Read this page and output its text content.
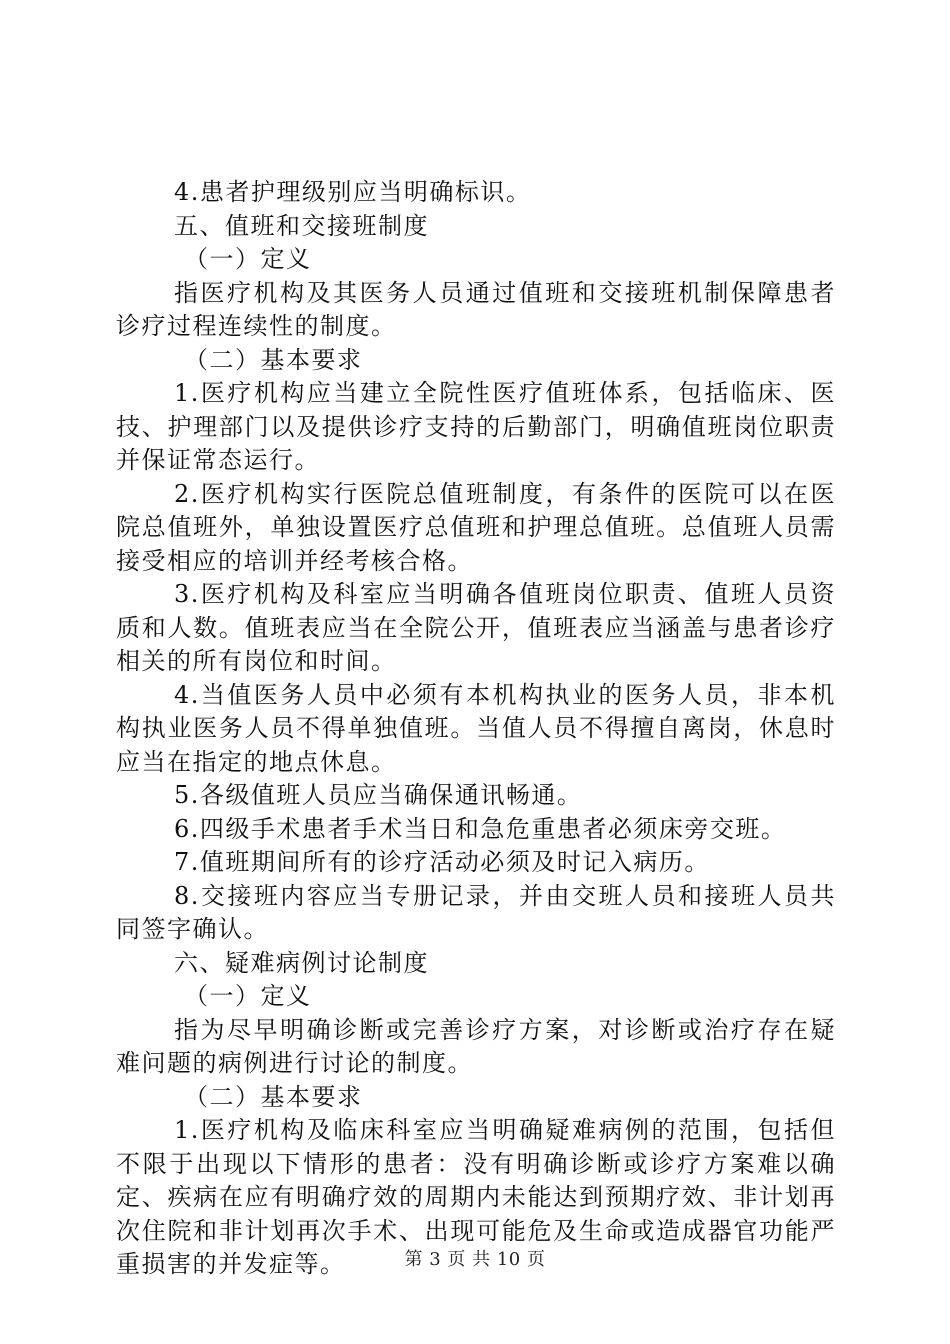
4.患者护理级别应当明确标识。

五、值班和交接班制度

（一）定义

指医疗机构及其医务人员通过值班和交接班机制保障患者诊疗过程连续性的制度。

（二）基本要求

1.医疗机构应当建立全院性医疗值班体系，包括临床、医技、护理部门以及提供诊疗支持的后勤部门，明确值班岗位职责并保证常态运行。

2.医疗机构实行医院总值班制度，有条件的医院可以在医院总值班外，单独设置医疗总值班和护理总值班。总值班人员需接受相应的培训并经考核合格。

3.医疗机构及科室应当明确各值班岗位职责、值班人员资质和人数。值班表应当在全院公开，值班表应当涵盖与患者诊疗相关的所有岗位和时间。

4.当值医务人员中必须有本机构执业的医务人员，非本机构执业医务人员不得单独值班。当值人员不得擅自离岗，休息时应当在指定的地点休息。

5.各级值班人员应当确保通讯畅通。

6.四级手术患者手术当日和急危重患者必须床旁交班。

7.值班期间所有的诊疗活动必须及时记入病历。

8.交接班内容应当专册记录，并由交班人员和接班人员共同签字确认。

六、疑难病例讨论制度

（一）定义

指为尽早明确诊断或完善诊疗方案，对诊断或治疗存在疑难问题的病例进行讨论的制度。

（二）基本要求

1.医疗机构及临床科室应当明确疑难病例的范围，包括但不限于出现以下情形的患者：没有明确诊断或诊疗方案难以确定、疾病在应有明确疗效的周期内未能达到预期疗效、非计划再次住院和非计划再次手术、出现可能危及生命或造成器官功能严重损害的并发症等。	第 3 页 共 10 页
